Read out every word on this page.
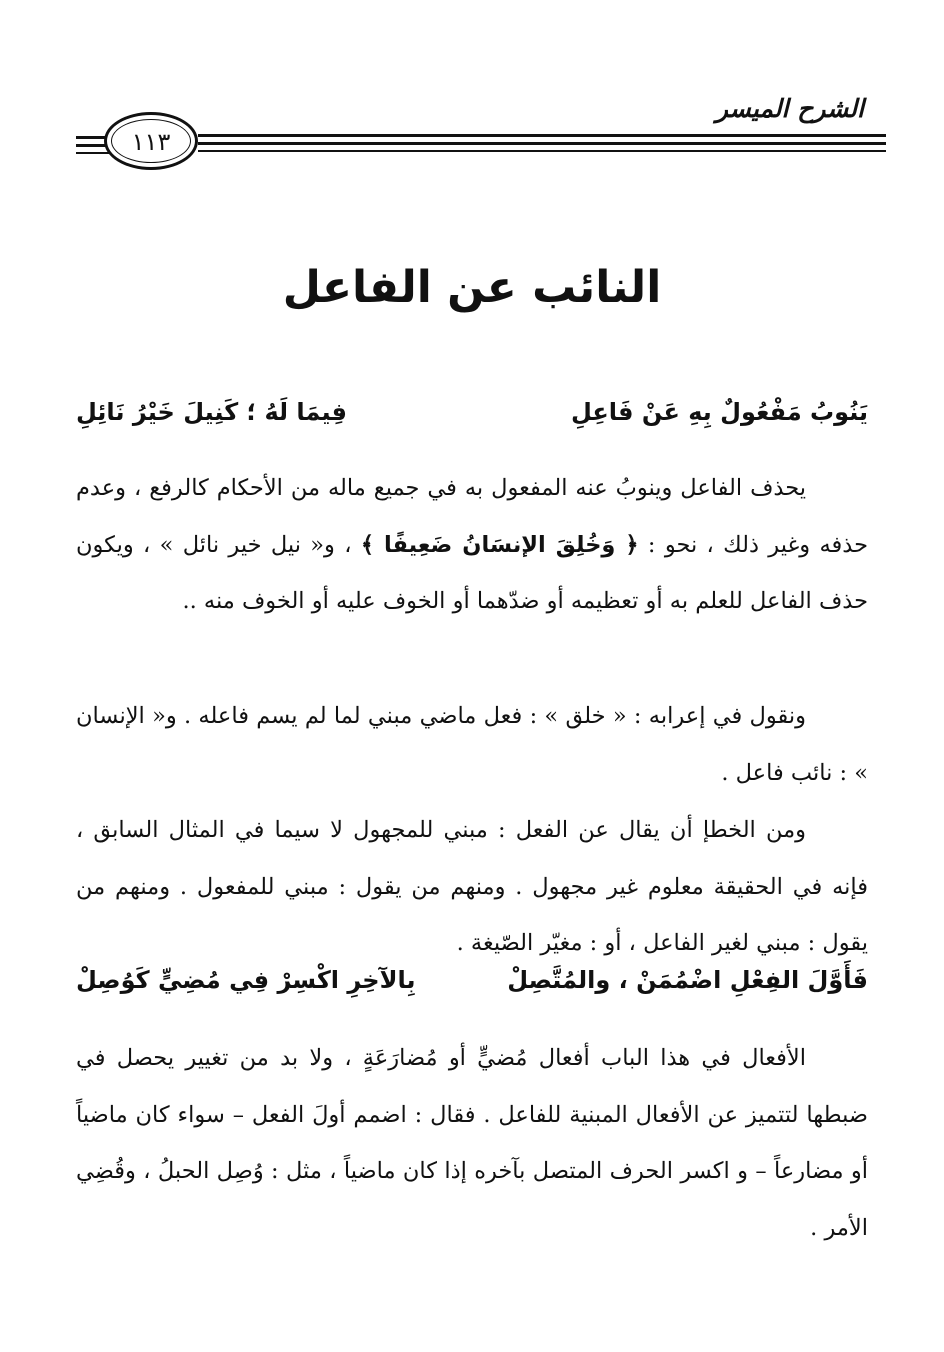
الشرح الميسر
١١٣
النائب عن الفاعل
يَنُوبُ مَفْعُولٌ بِهِ عَنْ فَاعِلِ
فِيمَا لَهُ ؛ كَنِيلَ خَيْرُ نَائِلِ
يحذف الفاعل وينوبُ عنه المفعول به في جميع ماله من الأحكام كالرفع ، وعدم حذفه وغير ذلك ، نحو : ﴿ وَخُلِقَ الإنسَانُ ضَعِيفًا ﴾ ، و« نيل خير نائل » ، ويكون حذف الفاعل للعلم به أو تعظيمه أو ضدّهما أو الخوف عليه أو الخوف منه ..
ونقول في إعرابه : « خلق » : فعل ماضي مبني لما لم يسم فاعله . و« الإنسان » : نائب فاعل .
ومن الخطإ أن يقال عن الفعل : مبني للمجهول لا سيما في المثال السابق ، فإنه في الحقيقة معلوم غير مجهول . ومنهم من يقول : مبني للمفعول . ومنهم من يقول : مبني لغير الفاعل ، أو : مغيّر الصّيغة .
فَأَوَّلَ الفِعْلِ اضْمُمَنْ ، والمُتَّصِلْ
بِالآخِرِ اكْسِرْ فِي مُضِيٍّ كَوُصِلْ
الأفعال في هذا الباب أفعال مُضيٍّ أو مُضارَعَةٍ ، ولا بد من تغيير يحصل في ضبطها لتتميز عن الأفعال المبنية للفاعل . فقال : اضمم أولَ الفعل – سواء كان ماضياً أو مضارعاً – و اكسر الحرف المتصل بآخره إذا كان ماضياً ، مثل : وُصِل الحبلُ ، وقُضِي الأمر .
